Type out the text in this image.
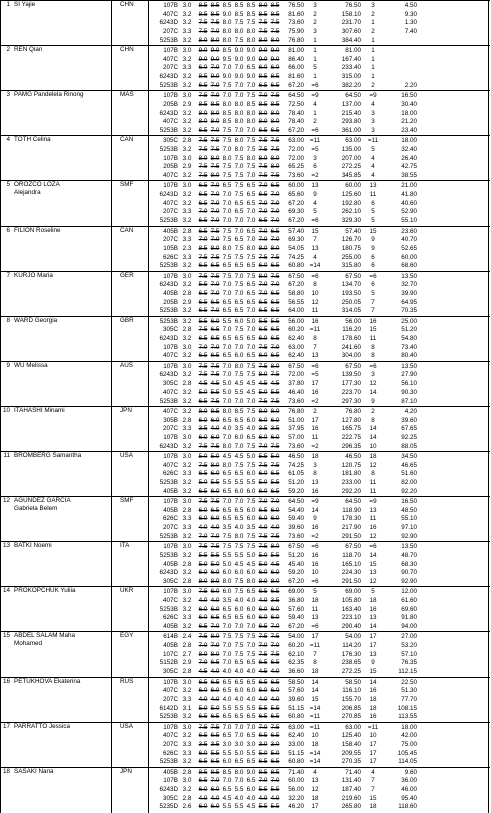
1 SI Yajie	CHN	107B 3.0 8.5 8.5 8.5 8.5 8.5 8.0 8.5	76.50	3	76.50	3	4.50
407C 3.2 8.5 8.5 9.0 8.5 8.5 8.5 8.5	81.60	2	158.10	2	9.30
6243D 3.2 7.5 7.5 8.0 7.5 7.5 7.5 7.5	73.60	2	231.70	1	1.30
207C 3.3 7.5 7.0 8.0 8.0 8.0 7.5 7.5	75.90	3	307.60	2	7.40
5253B 3.2 8.0 8.0 8.0 7.5 8.0 8.0 8.0	76.80	1	384.40	1
2 REN Qian	CHN	107B 3.0 9.0 9.0 8.5 9.0 9.0 9.0 9.0	81.00	1	81.00	1
407C 3.2 9.0 9.0 9.5 9.0 9.0 9.0 9.0	86.40	1	167.40	1
207C 3.3 6.0 7.0 7.0 7.0 6.5 6.0 6.0	66.00	5	233.40	1
6243D 3.2 8.5 9.0 9.0 9.0 9.0 8.5 8.5	81.60	1	315.00	1
5253B 3.2 6.5 7.0 7.5 7.0 7.0 6.5 6.5	67.20	=6	382.20	2	2.20
3 PAMG Pandelela Rinong	MAS	107B 3.0 7.5 7.0 7.0 7.0 7.5 7.0 7.5	64.50	=9	64.50	=9	16.50
205B 2.9 8.5 8.5 8.0 8.0 8.5 8.5 8.5	72.50	4	137.00	4	30.40
6243D 3.2 8.0 8.0 8.5 8.0 8.0 8.0 8.0	78.40	1	215.40	3	18.00
407C 3.2 8.0 8.0 8.5 8.0 8.0 8.0 8.0	78.40	2	293.80	3	21.20
5253B 3.2 6.5 7.0 7.5 7.0 7.0 6.5 6.5	67.20	=6	361.00	3	23.40
4 TOTH Celina	CAN	305C 2.8 7.5 7.5 7.5 8.0 7.5 7.5 7.5	63.00 =11	63.00	=11	18.00
5253B 3.2 7.5 7.5 7.0 8.0 7.5 7.5 7.5	72.00	=5	135.00	5	32.40
107B 3.0 8.0 8.0 8.0 7.5 8.0 8.0 8.0	72.00	3	207.00	4	26.40
205B 2.9 7.5 7.5 7.5 7.0 7.5 7.5 8.0	65.25	6	272.25	4	42.75
407C 3.2 7.5 8.0 7.5 7.5 7.0 7.5 7.5	73.60	=2	345.85	4	38.55
5 OROZCO LOZA
Alejandra
SMF	107B 3.0 6.5 7.0 6.5 7.5 6.5 7.0 6.5	60.00	13	60.00	13	21.00
6243D 3.2 6.5 7.0 7.0 7.5 6.5 6.5 7.0	65.60	9	125.60	11	41.80
407C 3.2 6.5 7.0 7.0 6.5 6.5 7.0 7.0	67.20	4	192.80	6	40.60
207C 3.3 7.0 7.0 7.0 6.5 7.0 7.0 7.0	69.30	5	262.10	5	52.90
5253B 3.2 6.5 7.0 7.0 7.0 7.0 6.5 7.0	67.20	=6	329.30	5	55.10
6 FILION Roseline	CAN	405B 2.8 6.5 7.5 7.5 7.0 6.5 7.0 6.5	57.40	15	57.40	15	23.60
207C 3.3 7.0 7.0 7.5 6.5 7.0 7.0 7.0	69.30	7	126.70	9	40.70
105B 2.3 8.5 8.0 8.0 7.5 8.0 8.0 8.0	54.05	13	180.75	9	52.65
626C 3.3 7.5 7.5 7.5 7.5 7.5 7.5 7.5	74.25	4	255.00	6	60.00
5253B 3.2 6.5 6.5 6.5 6.5 6.5 6.0 6.5	60.80 =14	315.80	6	68.60
7 KURJO Maria	GER	107B 3.0 7.5 7.5 7.5 7.0 7.5 8.0 7.5	67.50	=6	67.50	=6	13.50
6243D 3.2 5.5 7.0 7.0 7.5 6.5 7.0 7.0	67.20	8	134.70	6	32.70
405B 2.8 6.5 7.0 7.0 7.0 6.5 7.0 6.5	58.80	10	193.50	5	39.90
205B 2.9 6.5 6.5 6.5 6.5 6.5 6.5 6.5	56.55	12	250.05	7	64.95
5253B 3.2 6.5 7.0 6.5 6.5 7.0 6.5 6.5	64.00	11	314.05	7	70.35
8 WARD Georgia	GBR	5253B 3.2 5.5 6.0 5.5 6.0 5.0 5.5 5.5	56.00	16	56.00	16	25.00
305C 2.8 7.5 6.5 7.0 7.5 7.0 6.5 6.5	60.20 =11	116.20	15	51.20
6243D 3.2 6.5 6.5 6.5 6.5 6.5 6.0 6.5	62.40	8	178.60	11	54.80
107B 3.0 7.0 7.0 7.0 7.0 7.0 7.5 7.0	63.00	7	241.60	8	73.40
407C 3.2 6.5 6.5 6.5 6.0 6.5 6.0 6.5	62.40	13	304.00	8	80.40
9 WU Melissa	AUS	107B 3.0 7.5 7.5 7.0 8.0 7.5 7.5 8.0	67.50	=6	67.50	=6	13.50
6243D 3.2 7.5 7.5 7.0 7.5 7.5 8.0 7.5	72.00	=5	139.50	3	27.90
305C 2.8 4.5 4.5 5.0 4.5 4.5 4.5 4.5	37.80	17	177.30	12	56.10
407C 3.2 5.0 5.5 5.0 5.5 4.5 5.0 5.5	46.40	16	223.70	14	90.30
5253B 3.2 6.5 7.5 7.0 7.0 7.0 7.5 7.5	73.60	=2	297.30	9	87.10
10 ITAHASHI Minami	JPN	407C 3.2 8.0 8.5 8.0 8.5 7.5 8.0 8.0	76.80	2	76.80	2	4.20
305B 2.8 6.0 6.0 6.5 6.5 6.0 6.0 6.0	51.00	17	127.80	8	39.60
207C 3.3 3.5 4.0 4.0 3.5 4.0 3.5 3.5	37.95	16	165.75	14	67.65
107B 3.0 6.0 6.0 7.0 6.0 6.5 6.0 6.0	57.00	11	222.75	14	92.25
6243D 3.2 7.5 7.5 8.0 7.0 7.5 7.0 7.5	73.60	=2	296.35	10	88.05
11 BROMBERG Samantha	USA	107B 3.0 5.0 5.0 4.5 4.5 5.0 5.5 5.0	46.50	18	46.50	18	34.50
407C 3.2 7.5 8.0 8.0 7.5 7.5 7.5 7.5	74.25	3	120.75	12	46.65
626C 3.3 6.5 6.0 6.5 6.5 6.0 6.0 6.5	61.05	8	181.80	8	51.60
5253B 3.2 5.0 5.5 5.5 5.5 5.5 5.0 5.5	51.20	13	233.00	11	82.00
405B 3.2 6.5 6.0 6.5 6.0 6.0 6.0 6.5	59.20	16	292.20	11	92.20
12 AGUNDEZ GARCIA
Gabriela Belem
SMF	107B 3.0 7.5 7.5 7.0 7.0 7.5 7.0 7.0	64.50	=9	64.50	=9	16.50
405B 2.8 6.0 6.5 6.5 6.5 6.0 6.5 6.0	54.40	14	118.90	13	48.50
626C 3.3 6.0 6.0 6.5 6.5 6.0 6.0 6.0	59.40	9	178.30	11	55.10
207C 3.3 4.0 4.0 3.5 4.0 3.5 4.0 4.0	39.60	16	217.90	16	97.10
5253B 3.2 7.0 7.0 7.5 8.0 7.5 7.5 7.5	73.60	=2	291.50	12	92.90
13 BATKI Noemi	ITA	107B 3.0 7.5 7.5 7.5 7.5 7.5 7.5 8.0	67.50	=6	67.50	=6	13.50
5253B 3.2 5.5 5.5 5.5 5.5 5.0 5.0 5.5	51.20	16	118.70	14	48.70
405B 2.8 5.0 5.0 5.0 4.5 4.5 5.0 4.5	45.40	16	165.10	15	68.30
6243D 3.2 6.0 6.0 6.0 6.0 6.0 6.0 6.0	59.20	10	224.30	13	90.70
305C 2.8 8.0 8.0 8.0 7.5 8.0 8.0 8.0	67.20	=6	291.50	12	92.90
14 PROKOPCHUK Yuliia	UKR	107B 3.0 7.5 6.0 6.0 7.5 6.5 6.5 6.5	69.00	5	69.00	5	12.00
407C 3.2 4.0 4.0 3.5 4.0 4.0 4.0 3.5	36.80	18	105.80	18	61.60
5253B 3.2 6.0 6.0 6.5 6.0 6.0 6.0 6.0	57.60	11	163.40	16	69.60
626C 3.3 6.0 6.5 6.5 6.5 6.0 6.0 6.0	59.40	13	223.10	13	91.80
405B 3.2 6.5 7.0 7.0 7.0 7.0 6.5 7.0	67.20	=6	290.40	14	94.00
15 ABDEL SALAM Maha
Mohamed
EGY	614B 2.4 7.5 8.0 7.5 7.5 7.5 7.5 7.5	54.00	17	54.00	17	27.00
405B 2.8 7.0 7.0 7.0 7.5 7.0 7.0 7.0	60.20 =11	114.20	17	53.20
107C 2.7 8.0 8.0 7.0 7.5 7.5 7.5 7.5	62.10	7	176.30	13	57.10
5152B 2.9 7.0 6.5 7.0 6.5 6.5 6.5 6.5	62.35	8	238.65	9	76.35
305C 2.8 4.5 4.0 4.0 4.0 4.0 4.5 4.0	36.60	18	272.25	15	112.15
16 PETUKHOVA Ekaterina	RUS	107B 3.0 6.5 6.5 6.5 6.5 6.5 6.5 6.5	58.50	14	58.50	14	22.50
407C 3.2 6.0 6.0 6.5 6.0 6.0 6.0 6.0	57.60	14	116.10	16	51.30
207C 3.3 4.0 4.0 4.0 4.0 4.0 4.0 4.0	39.60	15	155.70	18	77.70
6142D 3.1 5.0 5.0 5.5 5.5 5.5 5.5 5.5	51.15 =14	206.85	18	108.15
5253B 3.2 6.5 6.5 6.5 6.5 6.5 6.5 6.5	60.80 =11	270.85	16	113.55
17 PARRATTO Jessica	USA	107B 3.0 7.5 7.5 7.0 7.0 7.0 7.0 7.5	63.00 =11	63.00	=11	18.00
407C 3.2 6.5 6.5 6.5 7.0 6.5 6.5 6.5	62.40	10	125.40	10	42.00
207C 3.3 3.5 3.5 3.0 3.0 3.0 3.0 3.0	33.00	18	158.40	17	75.00
626C 3.3 6.0 5.5 5.5 5.0 5.5 5.0 5.0	51.15 =14	209.55	17	105.45
5253B 3.2 6.5 6.5 6.0 6.5 6.5 6.5 6.5	60.80 =14	270.35	17	114.05
18 SASAKI Nana	JPN	405B 2.8 8.5 8.5 8.5 8.0 9.0 8.5 8.5	71.40	4	71.40	4	9.60
107B 3.0 6.5 7.0 7.0 7.0 6.5 7.0 7.0	60.00	13	131.40	7	36.00
6243D 3.2 6.0 6.0 6.5 5.5 6.0 5.5 5.5	56.00	12	187.40	7	46.00
305C 2.8 4.0 4.0 4.5 4.0 4.0 4.0 4.0	32.20	18	219.60	15	95.40
5235D 2.6 6.0 6.0 5.5 5.5 4.5 5.5 5.5	46.20	17	265.80	18	118.60
